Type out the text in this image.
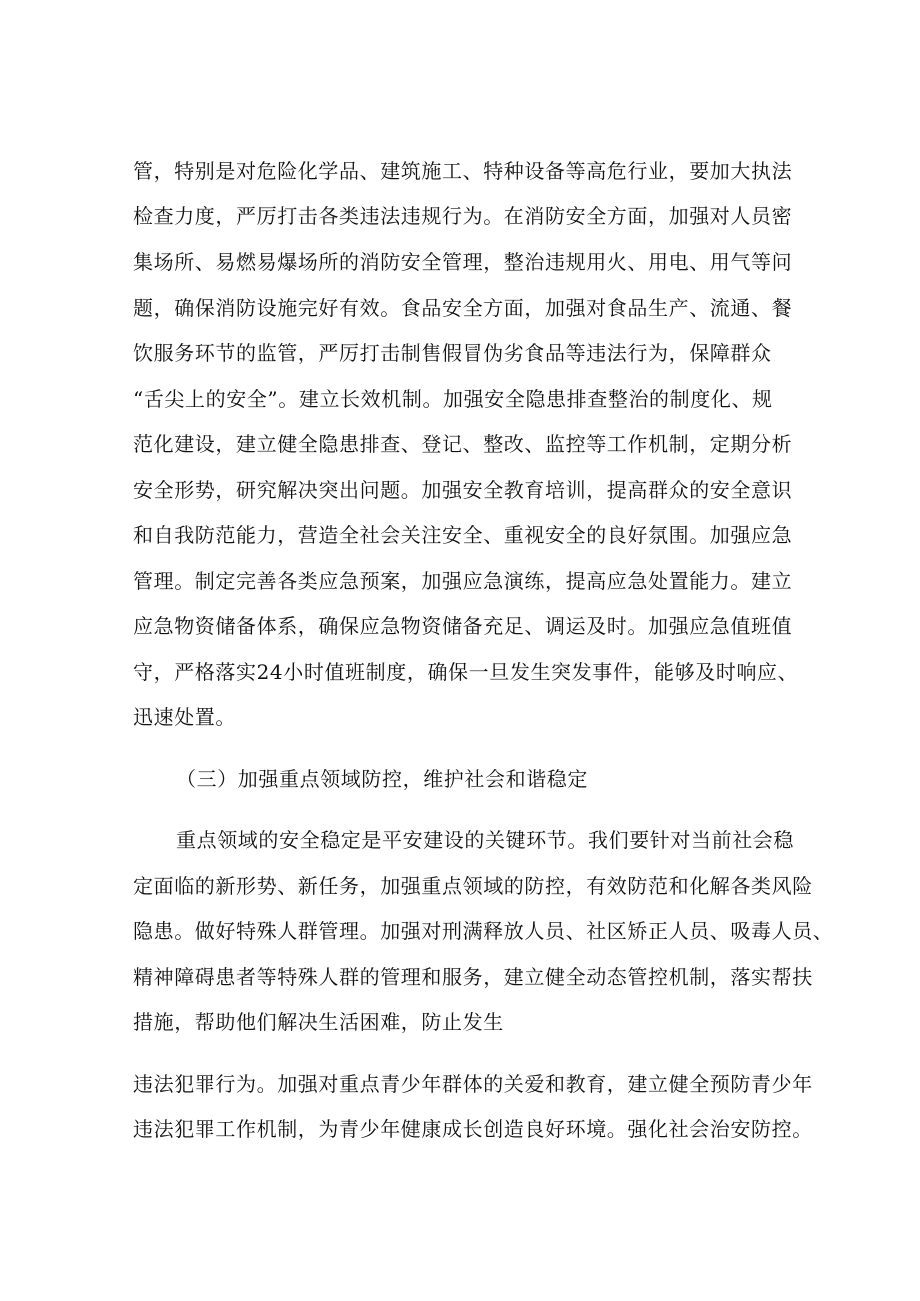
管，特别是对危险化学品、建筑施工、特种设备等高危行业，要加大执法
检查力度，严厉打击各类违法违规行为。在消防安全方面，加强对人员密
集场所、易燃易爆场所的消防安全管理，整治违规用火、用电、用气等问
题，确保消防设施完好有效。食品安全方面，加强对食品生产、流通、餐
饮服务环节的监管，严厉打击制售假冒伪劣食品等违法行为，保障群众
“舌尖上的安全”。建立长效机制。加强安全隐患排查整治的制度化、规
范化建设，建立健全隐患排查、登记、整改、监控等工作机制，定期分析
安全形势，研究解决突出问题。加强安全教育培训，提高群众的安全意识
和自我防范能力，营造全社会关注安全、重视安全的良好氛围。加强应急
管理。制定完善各类应急预案，加强应急演练，提高应急处置能力。建立
应急物资储备体系，确保应急物资储备充足、调运及时。加强应急值班值
守，严格落实24小时值班制度，确保一旦发生突发事件，能够及时响应、
迅速处置。
（三）加强重点领域防控，维护社会和谐稳定
重点领域的安全稳定是平安建设的关键环节。我们要针对当前社会稳
定面临的新形势、新任务，加强重点领域的防控，有效防范和化解各类风险
隐患。做好特殊人群管理。加强对刑满释放人员、社区矫正人员、吸毒人员、
精神障碍患者等特殊人群的管理和服务，建立健全动态管控机制，落实帮扶
措施，帮助他们解决生活困难，防止发生
违法犯罪行为。加强对重点青少年群体的关爱和教育，建立健全预防青少年
违法犯罪工作机制，为青少年健康成长创造良好环境。强化社会治安防控。
